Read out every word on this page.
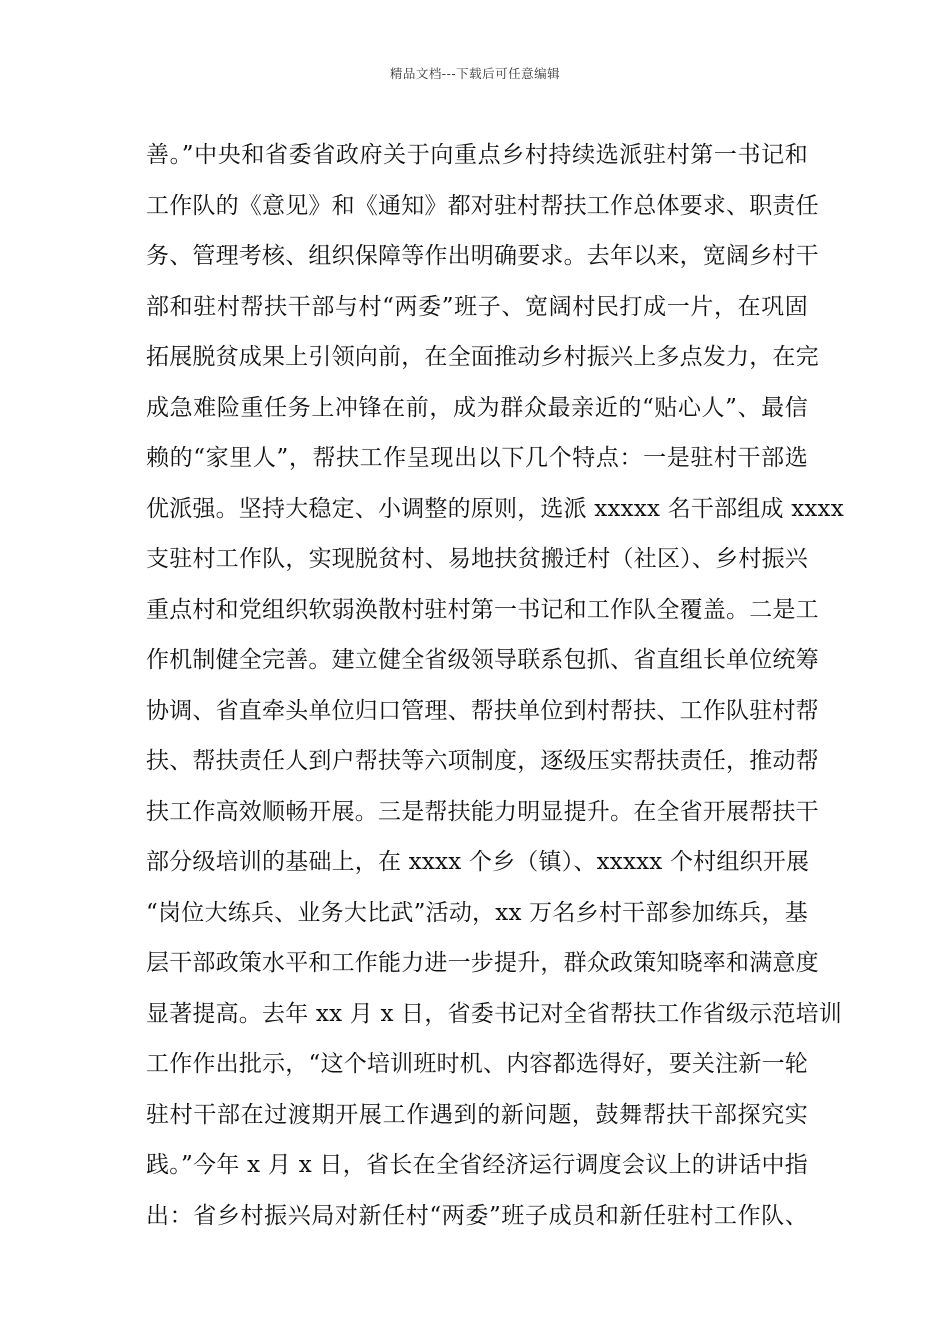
精品文档---下载后可任意编辑
善。”中央和省委省政府关于向重点乡村持续选派驻村第一书记和
工作队的《意见》和《通知》都对驻村帮扶工作总体要求、职责任
务、管理考核、组织保障等作出明确要求。去年以来，宽阔乡村干
部和驻村帮扶干部与村“两委”班子、宽阔村民打成一片，在巩固
拓展脱贫成果上引领向前，在全面推动乡村振兴上多点发力，在完
成急难险重任务上冲锋在前，成为群众最亲近的“贴心人”、最信
赖的“家里人”，帮扶工作呈现出以下几个特点：一是驻村干部选
优派强。坚持大稳定、小调整的原则，选派 xxxxx 名干部组成 xxxx
支驻村工作队，实现脱贫村、易地扶贫搬迁村（社区）、乡村振兴
重点村和党组织软弱涣散村驻村第一书记和工作队全覆盖。二是工
作机制健全完善。建立健全省级领导联系包抓、省直组长单位统筹
协调、省直牵头单位归口管理、帮扶单位到村帮扶、工作队驻村帮
扶、帮扶责任人到户帮扶等六项制度，逐级压实帮扶责任，推动帮
扶工作高效顺畅开展。三是帮扶能力明显提升。在全省开展帮扶干
部分级培训的基础上，在 xxxx 个乡（镇）、xxxxx 个村组织开展
“岗位大练兵、业务大比武”活动，xx 万名乡村干部参加练兵，基
层干部政策水平和工作能力进一步提升，群众政策知晓率和满意度
显著提高。去年 xx 月 x 日，省委书记对全省帮扶工作省级示范培训
工作作出批示，“这个培训班时机、内容都选得好，要关注新一轮
驻村干部在过渡期开展工作遇到的新问题，鼓舞帮扶干部探究实
践。”今年 x 月 x 日，省长在全省经济运行调度会议上的讲话中指
出：省乡村振兴局对新任村“两委”班子成员和新任驻村工作队、
